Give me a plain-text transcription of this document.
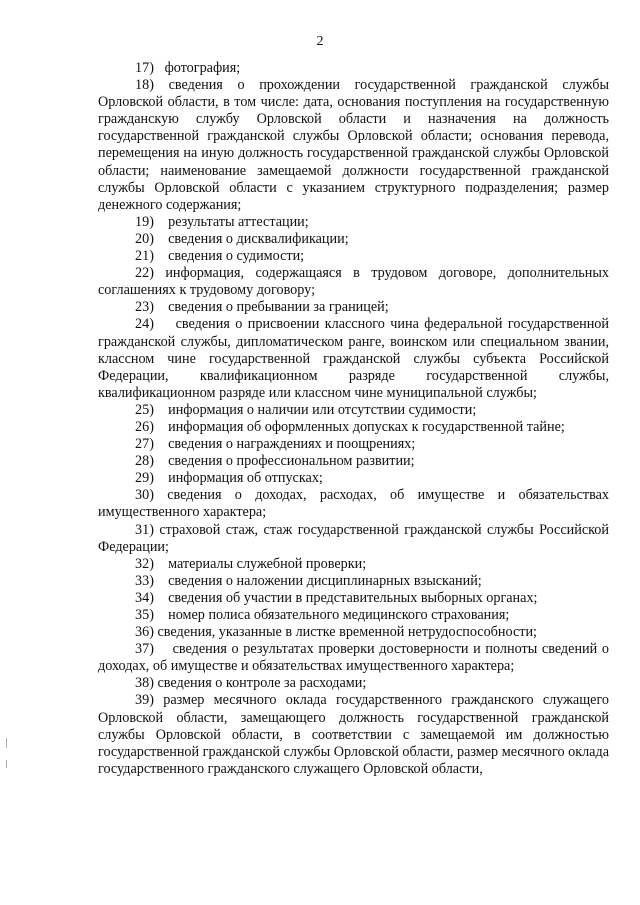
2

17) фотография;

18) сведения о прохождении государственной гражданской службы Орловской области, в том числе: дата, основания поступления на государственную гражданскую службу Орловской области и назначения на должность государственной гражданской службы Орловской области; основания перевода, перемещения на иную должность государственной гражданской службы Орловской области; наименование замещаемой должности государственной гражданской службы Орловской области с указанием структурного подразделения; размер денежного содержания;

19) результаты аттестации;

20) сведения о дисквалификации;

21) сведения о судимости;

22) информация, содержащаяся в трудовом договоре, дополнительных соглашениях к трудовому договору;

23) сведения о пребывании за границей;

24) сведения о присвоении классного чина федеральной государственной гражданской службы, дипломатическом ранге, воинском или специальном звании, классном чине государственной гражданской службы субъекта Российской Федерации, квалификационном разряде государственной службы, квалификационном разряде или классном чине муниципальной службы;

25) информация о наличии или отсутствии судимости;

26) информация об оформленных допусках к государственной тайне;

27) сведения о награждениях и поощрениях;

28) сведения о профессиональном развитии;

29) информация об отпусках;

30) сведения о доходах, расходах, об имуществе и обязательствах имущественного характера;

31) страховой стаж, стаж государственной гражданской службы Российской Федерации;

32) материалы служебной проверки;

33) сведения о наложении дисциплинарных взысканий;

34) сведения об участии в представительных выборных органах;

35) номер полиса обязательного медицинского страхования;

36) сведения, указанные в листке временной нетрудоспособности;

37) сведения о результатах проверки достоверности и полноты сведений о доходах, об имуществе и обязательствах имущественного характера;

38) сведения о контроле за расходами;

39) размер месячного оклада государственного гражданского служащего Орловской области, замещающего должность государственной гражданской службы Орловской области, в соответствии с замещаемой им должностью государственной гражданской службы Орловской области, размер месячного оклада государственного гражданского служащего Орловской области,
